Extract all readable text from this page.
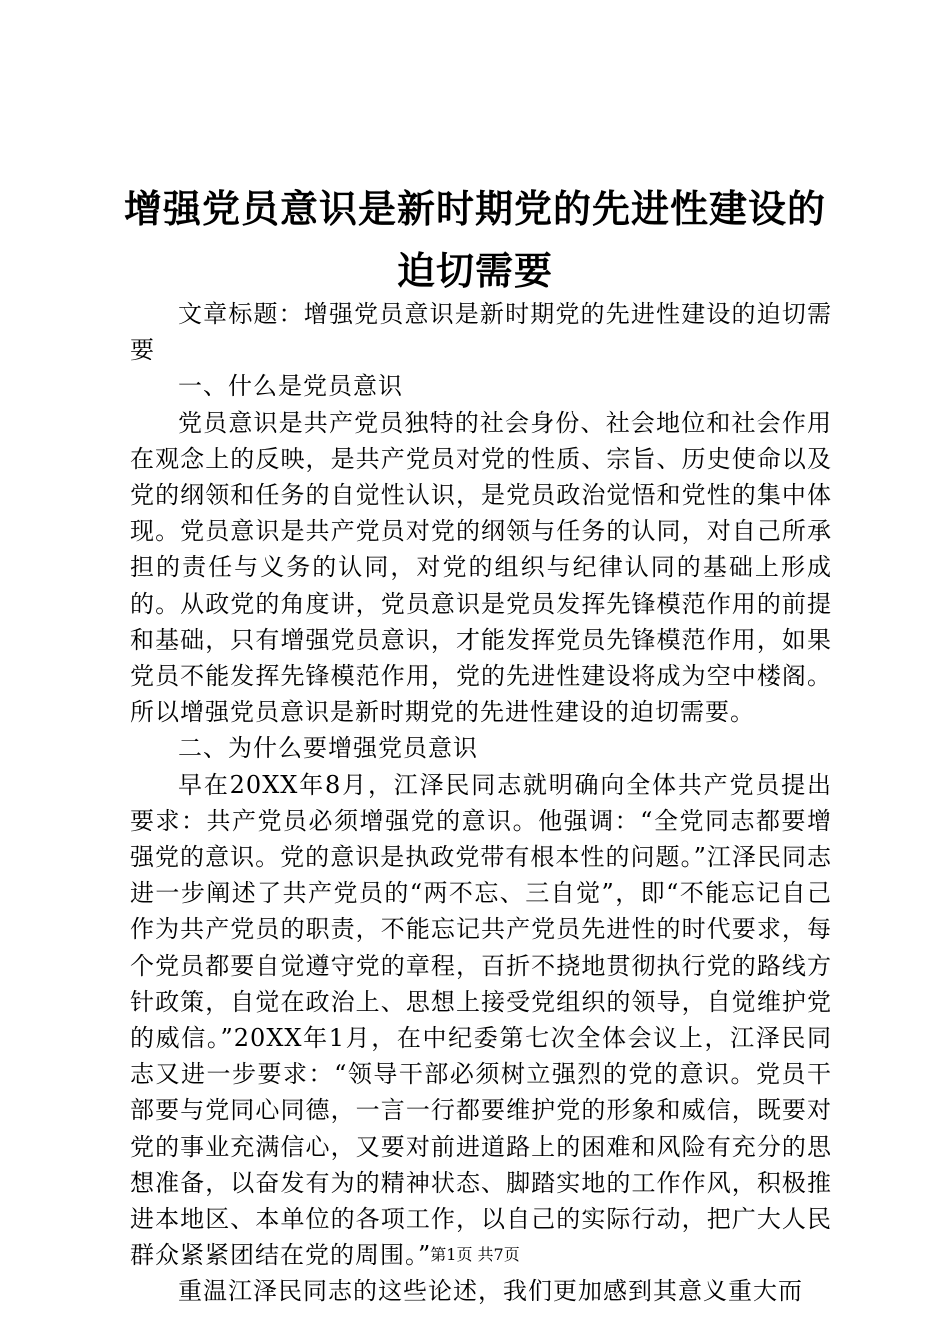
增强党员意识是新时期党的先进性建设的迫切需要

文章标题：增强党员意识是新时期党的先进性建设的迫切需要

一、什么是党员意识

党员意识是共产党员独特的社会身份、社会地位和社会作用在观念上的反映，是共产党员对党的性质、宗旨、历史使命以及党的纲领和任务的自觉性认识，是党员政治觉悟和党性的集中体现。党员意识是共产党员对党的纲领与任务的认同，对自己所承担的责任与义务的认同，对党的组织与纪律认同的基础上形成的。从政党的角度讲，党员意识是党员发挥先锋模范作用的前提和基础，只有增强党员意识，才能发挥党员先锋模范作用，如果党员不能发挥先锋模范作用，党的先进性建设将成为空中楼阁。所以增强党员意识是新时期党的先进性建设的迫切需要。

二、为什么要增强党员意识

早在20XX年8月，江泽民同志就明确向全体共产党员提出要求：共产党员必须增强党的意识。他强调：“全党同志都要增强党的意识。党的意识是执政党带有根本性的问题。”江泽民同志进一步阐述了共产党员的“两不忘、三自觉”，即“不能忘记自己作为共产党员的职责，不能忘记共产党员先进性的时代要求，每个党员都要自觉遵守党的章程，百折不挠地贯彻执行党的路线方针政策，自觉在政治上、思想上接受党组织的领导，自觉维护党的威信。”20XX年1月，在中纪委第七次全体会议上，江泽民同志又进一步要求：“领导干部必须树立强烈的党的意识。党员干部要与党同心同德，一言一行都要维护党的形象和威信，既要对党的事业充满信心，又要对前进道路上的困难和风险有充分的思想准备，以奋发有为的精神状态、脚踏实地的工作作风，积极推进本地区、本单位的各项工作，以自己的实际行动，把广大人民群众紧紧团结在党的周围。”

重温江泽民同志的这些论述，我们更加感到其意义重大而

第1页 共7页
